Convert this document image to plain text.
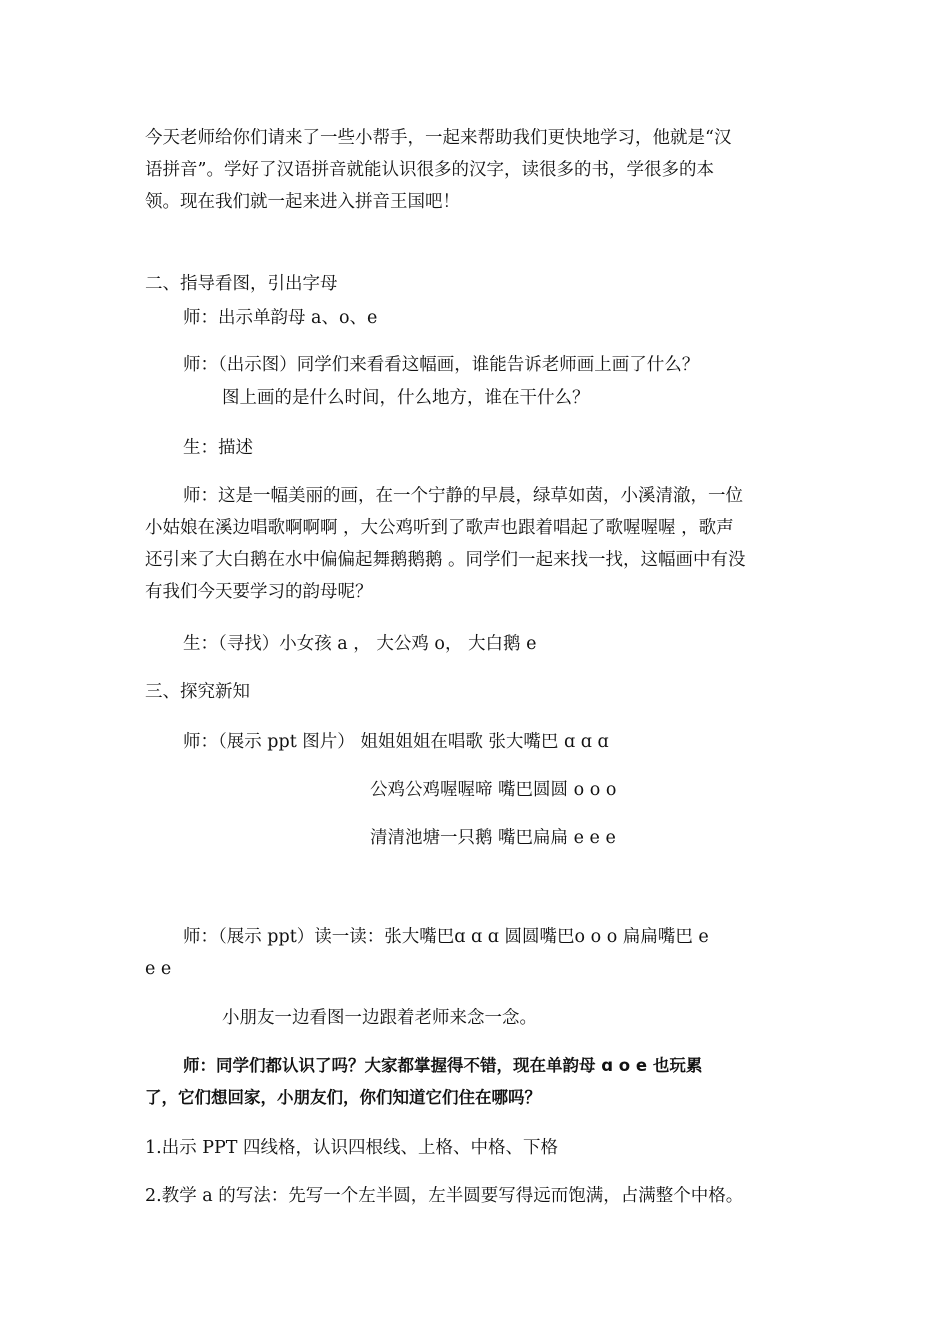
今天老师给你们请来了一些小帮手，一起来帮助我们更快地学习，他就是“汉
语拼音”。学好了汉语拼音就能认识很多的汉字，读很多的书，学很多的本
领。现在我们就一起来进入拼音王国吧！
二、指导看图，引出字母
师：出示单韵母 a、o、e
师：（出示图）同学们来看看这幅画，谁能告诉老师画上画了什么？
图上画的是什么时间，什么地方，谁在干什么？
生：描述
师：这是一幅美丽的画，在一个宁静的早晨，绿草如茵，小溪清澈，一位
小姑娘在溪边唱歌啊啊啊 ，大公鸡听到了歌声也跟着唱起了歌喔喔喔 ，歌声
还引来了大白鹅在水中偏偏起舞鹅鹅鹅 。同学们一起来找一找，这幅画中有没
有我们今天要学习的韵母呢？
生：（寻找）小女孩 a ， 大公鸡 o， 大白鹅 e
三、探究新知
师：（展示 ppt 图片） 姐姐姐姐在唱歌 张大嘴巴 ɑ ɑ ɑ
公鸡公鸡喔喔啼 嘴巴圆圆 o o o
清清池塘一只鹅 嘴巴扁扁 e e e
师：（展示 ppt）读一读：张大嘴巴ɑ ɑ ɑ 圆圆嘴巴o o o 扁扁嘴巴 e
e e
小朋友一边看图一边跟着老师来念一念。
师：同学们都认识了吗？大家都掌握得不错，现在单韵母 ɑ o e 也玩累
了，它们想回家，小朋友们，你们知道它们住在哪吗？
1.出示 PPT 四线格，认识四根线、上格、中格、下格
2.教学 a 的写法：先写一个左半圆，左半圆要写得远而饱满，占满整个中格。
